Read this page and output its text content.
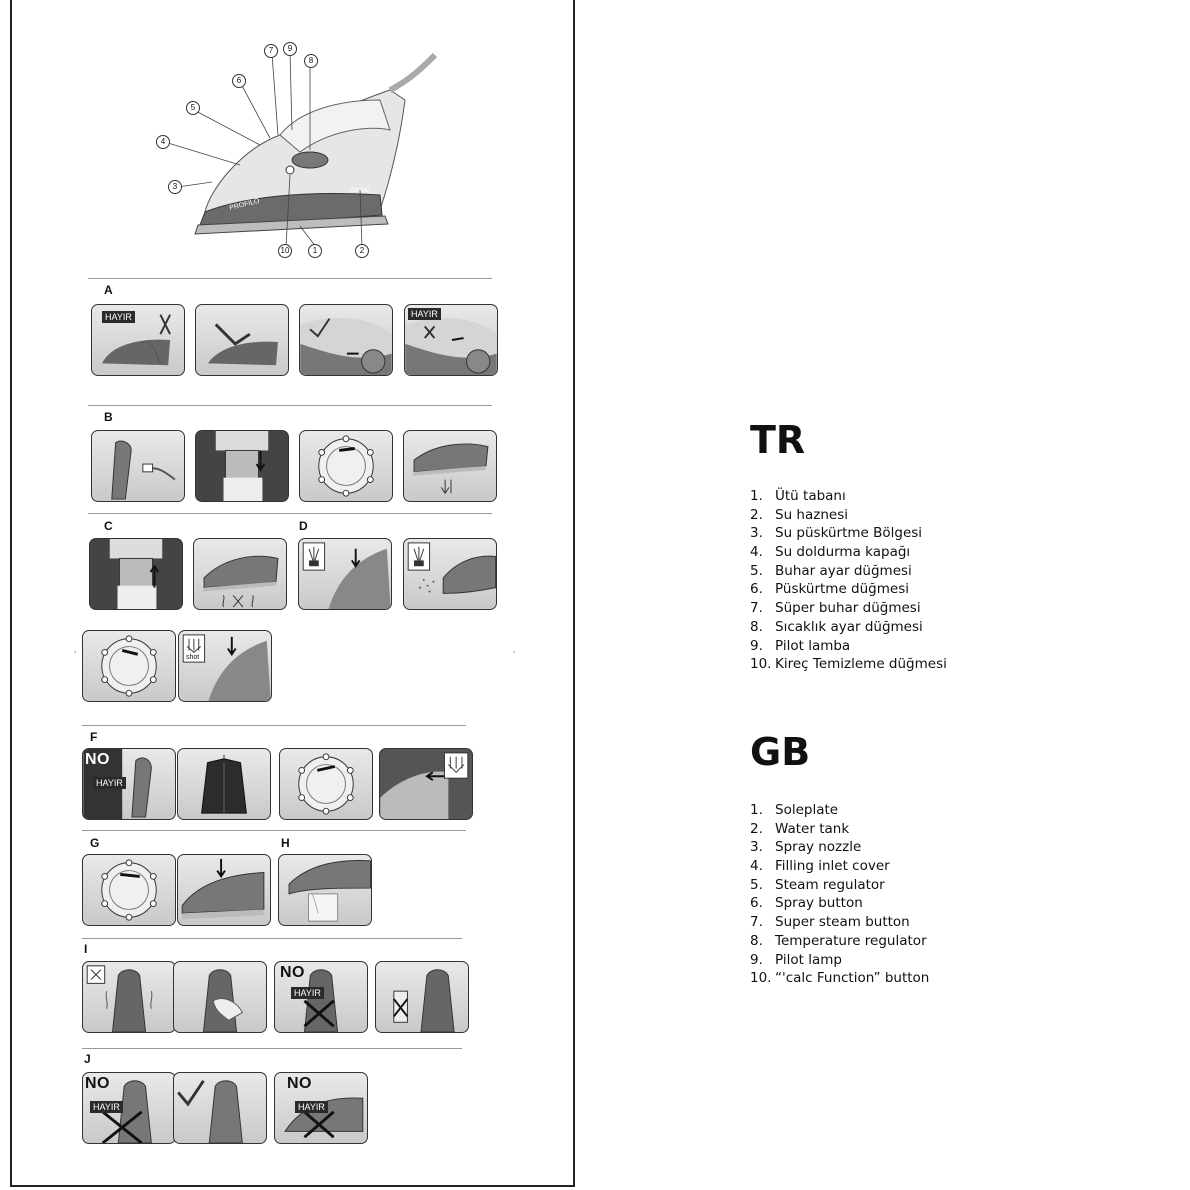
PROFILO
2200W
7	9
8
6
5
4
3
10	1	2
A
HAYIR	HAYIR
B
C	D
shot
'	'
F
NO
HAYIR
G	H
I
NO
HAYIR
J
NO
HAYIR
NO
HAYIR
TR
1. Ütü tabanı
2. Su haznesi
3. Su püskürtme Bölgesi
4. Su doldurma kapağı
5. Buhar ayar düğmesi
6. Püskürtme düğmesi
7. Süper buhar düğmesi
8. Sıcaklık ayar düğmesi
9. Pilot lamba
10. Kireç Temizleme düğmesi
GB
1. Soleplate
2. Water tank
3. Spray nozzle
4. Filling inlet cover
5. Steam regulator
6. Spray button
7. Super steam button
8. Temperature regulator
9. Pilot lamp
10. “'calc Function” button
